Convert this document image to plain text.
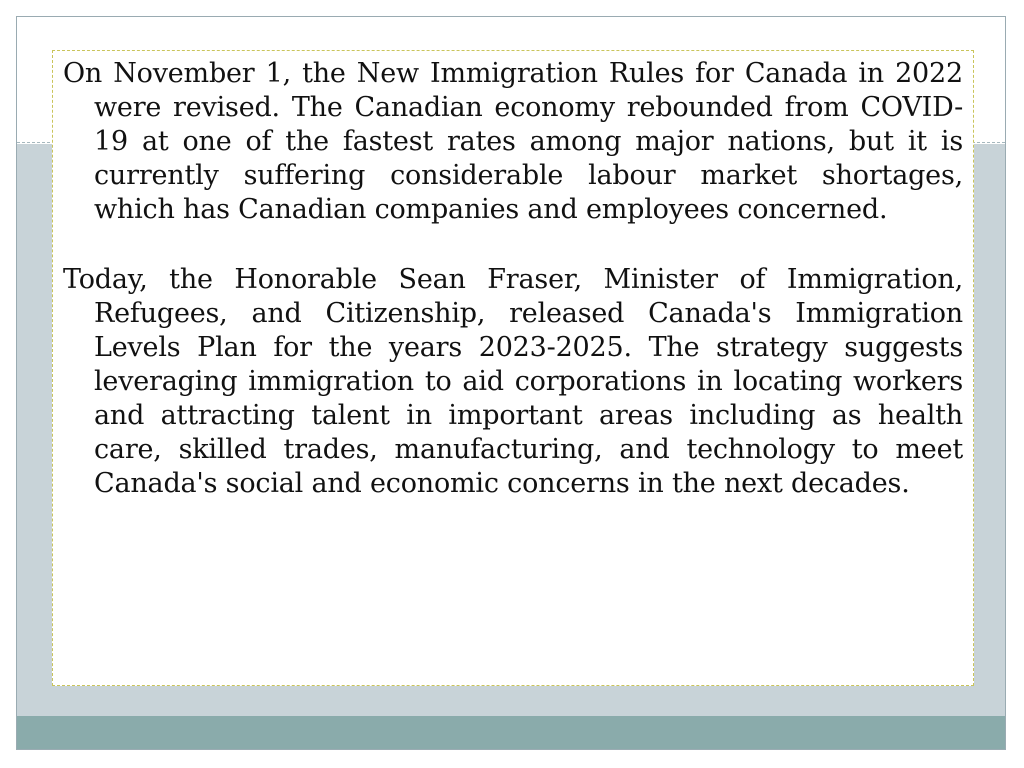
On November 1, the New Immigration Rules for Canada in 2022 were revised. The Canadian economy rebounded from COVID-19 at one of the fastest rates among major nations, but it is currently suffering considerable labour market shortages, which has Canadian companies and employees concerned.

Today, the Honorable Sean Fraser, Minister of Immigration, Refugees, and Citizenship, released Canada's Immigration Levels Plan for the years 2023-2025. The strategy suggests leveraging immigration to aid corporations in locating workers and attracting talent in important areas including as health care, skilled trades, manufacturing, and technology to meet Canada's social and economic concerns in the next decades.
